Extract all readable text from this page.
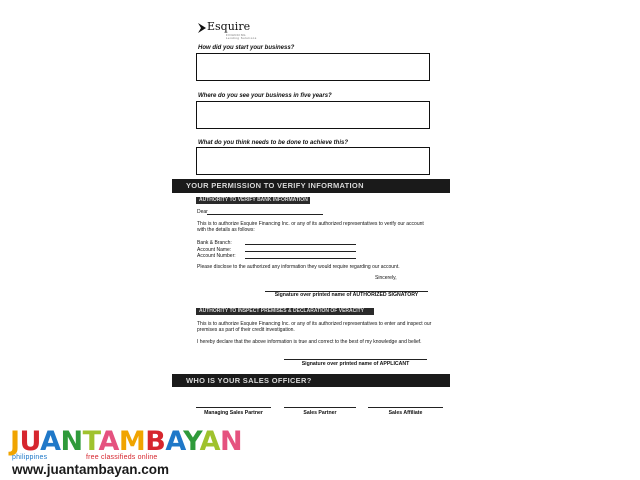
Esquire
FINANCING
Lending Solutions
How did you start your business?
Where do you see your business in five years?
What do you think needs to be done to achieve this?
YOUR PERMISSION TO VERIFY INFORMATION
AUTHORITY TO VERIFY BANK INFORMATION
Dear
This is to authorize Esquire Financing Inc. or any of its authorized representatives to verify our account with the details as follows:
Bank & Branch:
Account Name:
Account Number:
Please disclose to the authorized any information they would require regarding our account.
Sincerely,
Signature over printed name of AUTHORIZED SIGNATORY
AUTHORITY TO INSPECT PREMISES & DECLARATION OF VERACITY
This is to authorize Esquire Financing Inc. or any of its authorized representatives to enter and inspect our premises as part of their credit investigation.
I hereby declare that the above information is true and correct to the best of my knowledge and belief.
Signature over printed name of APPLICANT
WHO IS YOUR SALES OFFICER?
Managing Sales Partner	Sales Partner	Sales Affiliate
JUANTAMBAYAN
philippines	free classifieds online
www.juantambayan.com
